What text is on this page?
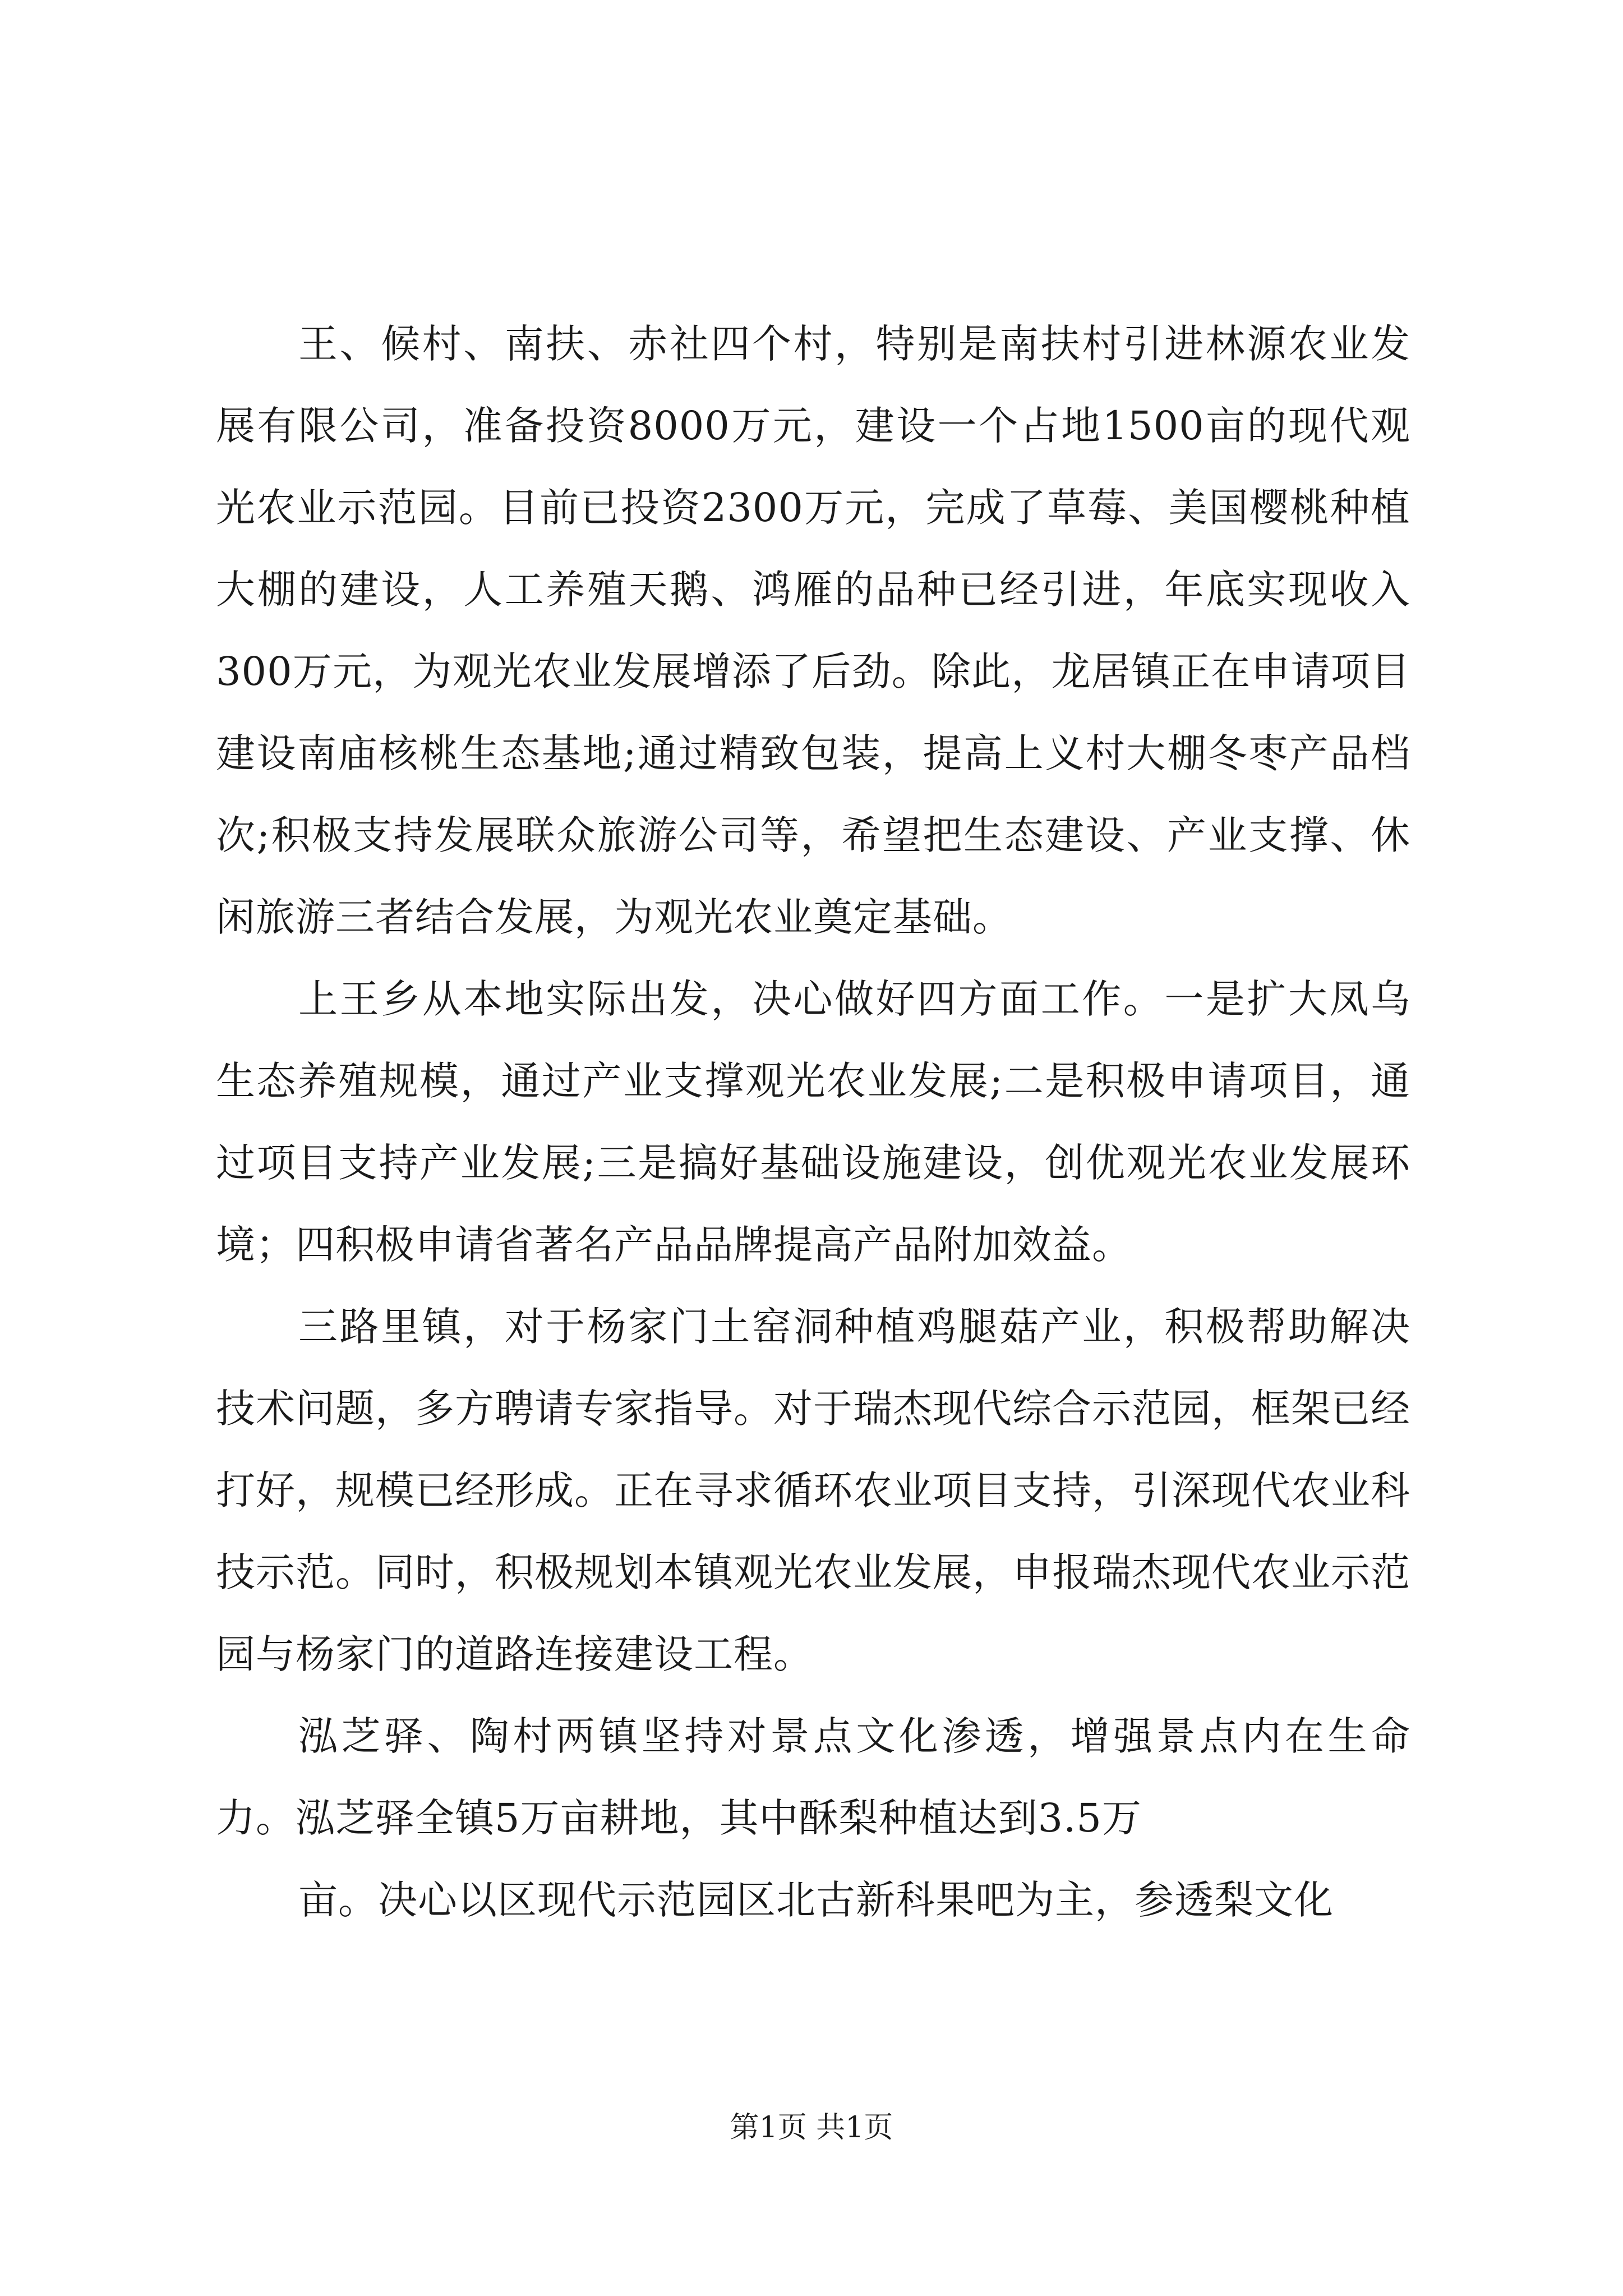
王、候村、南扶、赤社四个村，特别是南扶村引进林源农业发展有限公司，准备投资8000万元，建设一个占地1500亩的现代观光农业示范园。目前已投资2300万元，完成了草莓、美国樱桃种植大棚的建设，人工养殖天鹅、鸿雁的品种已经引进，年底实现收入300万元，为观光农业发展增添了后劲。除此，龙居镇正在申请项目建设南庙核桃生态基地;通过精致包装，提高上义村大棚冬枣产品档次;积极支持发展联众旅游公司等，希望把生态建设、产业支撑、休闲旅游三者结合发展，为观光农业奠定基础。

上王乡从本地实际出发，决心做好四方面工作。一是扩大凤乌生态养殖规模，通过产业支撑观光农业发展;二是积极申请项目，通过项目支持产业发展;三是搞好基础设施建设，创优观光农业发展环境；四积极申请省著名产品品牌提高产品附加效益。

三路里镇，对于杨家门土窑洞种植鸡腿菇产业，积极帮助解决技术问题，多方聘请专家指导。对于瑞杰现代综合示范园，框架已经打好，规模已经形成。正在寻求循环农业项目支持，引深现代农业科技示范。同时，积极规划本镇观光农业发展，申报瑞杰现代农业示范园与杨家门的道路连接建设工程。

泓芝驿、陶村两镇坚持对景点文化渗透，增强景点内在生命力。泓芝驿全镇5万亩耕地，其中酥梨种植达到3.5万

亩。决心以区现代示范园区北古新科果吧为主，参透梨文化

第1页 共1页
